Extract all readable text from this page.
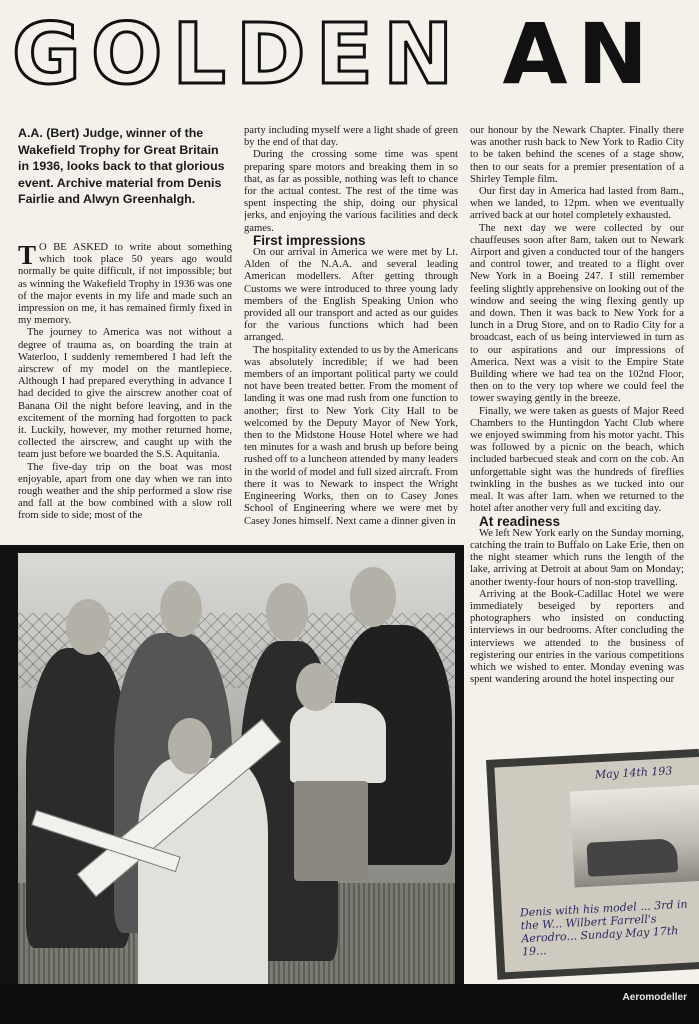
GOLDEN AN
A.A. (Bert) Judge, winner of the Wakefield Trophy for Great Britain in 1936, looks back to that glorious event. Archive material from Denis Fairlie and Alwyn Greenhalgh.

T O BE ASKED to write about something which took place 50 years ago would normally be quite difficult, if not impossible; but as winning the Wakefield Trophy in 1936 was one of the major events in my life and made such an impression on me, it has remained firmly fixed in my memory.

The journey to America was not without a degree of trauma as, on boarding the train at Waterloo, I suddenly remembered I had left the airscrew of my model on the mantlepiece. Although I had prepared everything in advance I had decided to give the airscrew another coat of Banana Oil the night before leaving, and in the excitement of the morning had forgotten to pack it. Luckily, however, my mother returned home, collected the airscrew, and caught up with the team just before we boarded the S.S. Aquitania.

The five-day trip on the boat was most enjoyable, apart from one day when we ran into rough weather and the ship performed a slow rise and fall at the bow combined with a slow roll from side to side; most of the

party including myself were a light shade of green by the end of that day.

During the crossing some time was spent preparing spare motors and breaking them in so that, as far as possible, nothing was left to chance for the actual contest. The rest of the time was spent inspecting the ship, doing our physical jerks, and enjoying the various facilities and deck games.

First impressions

On our arrival in America we were met by Lt. Alden of the N.A.A. and several leading American modellers. After getting through Customs we were introduced to three young lady members of the English Speaking Union who provided all our transport and acted as our guides for the various functions which had been arranged.

The hospitality extended to us by the Americans was absolutely incredible; if we had been members of an important political party we could not have been treated better. From the moment of landing it was one mad rush from one function to another; first to New York City Hall to be welcomed by the Deputy Mayor of New York, then to the Midstone House Hotel where we had ten minutes for a wash and brush up before being rushed off to a luncheon attended by many leaders in the world of model and full sized aircraft. From there it was to Newark to inspect the Wright Engineering Works, then on to Casey Jones School of Engineering where we were met by Casey Jones himself. Next came a dinner given in

our honour by the Newark Chapter. Finally there was another rush back to New York to Radio City to be taken behind the scenes of a stage show, then to our seats for a premier presentation of a Shirley Temple film.

Our first day in America had lasted from 8am., when we landed, to 12pm. when we eventually arrived back at our hotel completely exhausted.

The next day we were collected by our chauffeuses soon after 8am, taken out to Newark Airport and given a conducted tour of the hangers and control tower, and treated to a flight over New York in a Boeing 247. I still remember feeling slightly apprehensive on looking out of the window and seeing the wing flexing gently up and down. Then it was back to New York for a lunch in a Drug Store, and on to Radio City for a broadcast, each of us being interviewed in turn as to our aspirations and our impressions of America. Next was a visit to the Empire State Building where we had tea on the 102nd Floor, then on to the very top where we could feel the tower swaying gently in the breeze.

Finally, we were taken as guests of Major Reed Chambers to the Huntingdon Yacht Club where we enjoyed swimming from his motor yacht. This was followed by a picnic on the beach, which included barbecued steak and corn on the cob. An unforgettable sight was the hundreds of fireflies twinkling in the bushes as we tucked into our meal. It was after 1am. when we returned to the hotel after another very full and exciting day.

At readiness

We left New York early on the Sunday morning, catching the train to Buffalo on Lake Erie, then on the night steamer which runs the length of the lake, arriving at Detroit at about 9am on Monday; another twenty-four hours of non-stop travelling.

Arriving at the Book-Cadillac Hotel we were immediately beseiged by reporters and photographers who insisted on conducting interviews in our bedrooms. After concluding the interviews we attended to the business of registering our entries in the various competitions which we wished to enter. Monday evening was spent wandering around the hotel inspecting our

May 14th 193
Denis with his model ... 3rd in the W... Wilbert Farrell's Aerodro... Sunday May 17th 19...
Aeromodeller
